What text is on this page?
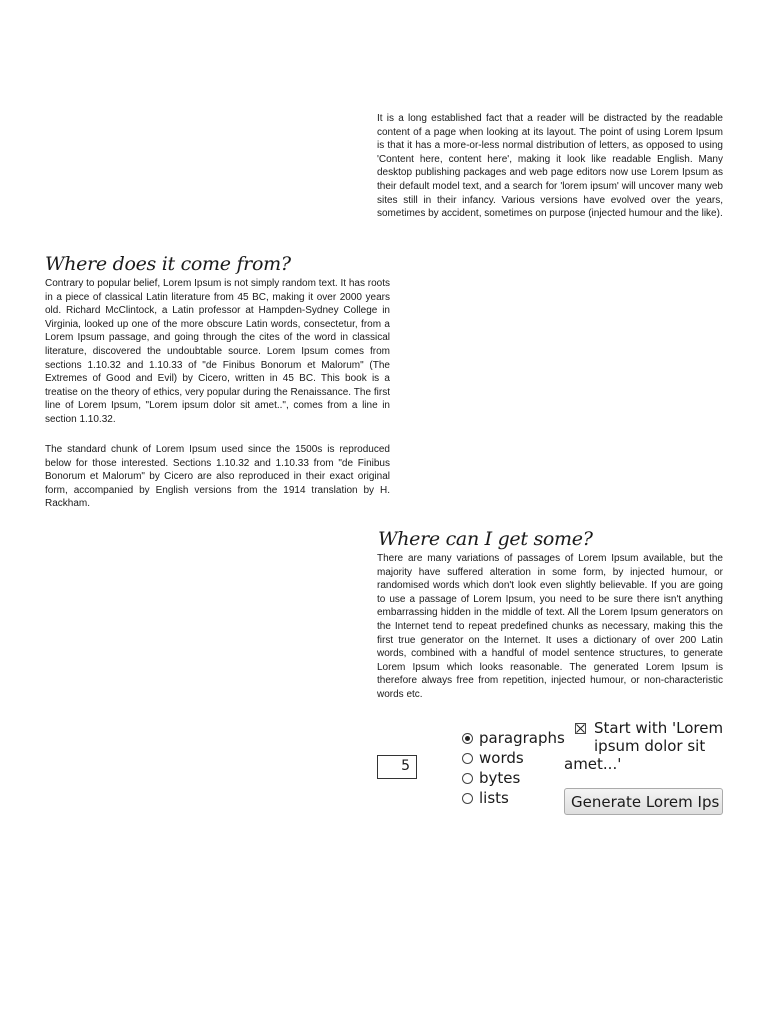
It is a long established fact that a reader will be distracted by the readable content of a page when looking at its layout. The point of using Lorem Ipsum is that it has a more-or-less normal distribution of letters, as opposed to using 'Content here, content here', making it look like readable English. Many desktop publishing packages and web page editors now use Lorem Ipsum as their default model text, and a search for 'lorem ipsum' will uncover many web sites still in their infancy. Various versions have evolved over the years, sometimes by accident, sometimes on purpose (injected humour and the like).

Where does it come from?

Contrary to popular belief, Lorem Ipsum is not simply random text. It has roots in a piece of classical Latin literature from 45 BC, making it over 2000 years old. Richard McClintock, a Latin professor at Hampden-Sydney College in Virginia, looked up one of the more obscure Latin words, consectetur, from a Lorem Ipsum passage, and going through the cites of the word in classical literature, discovered the undoubtable source. Lorem Ipsum comes from sections 1.10.32 and 1.10.33 of "de Finibus Bonorum et Malorum" (The Extremes of Good and Evil) by Cicero, written in 45 BC. This book is a treatise on the theory of ethics, very popular during the Renaissance. The first line of Lorem Ipsum, "Lorem ipsum dolor sit amet..", comes from a line in section 1.10.32.

The standard chunk of Lorem Ipsum used since the 1500s is reproduced below for those interested. Sections 1.10.32 and 1.10.33 from "de Finibus Bonorum et Malorum" by Cicero are also reproduced in their exact original form, accompanied by English versions from the 1914 translation by H. Rackham.

Where can I get some?

There are many variations of passages of Lorem Ipsum available, but the majority have suffered alteration in some form, by injected humour, or randomised words which don't look even slightly believable. If you are going to use a passage of Lorem Ipsum, you need to be sure there isn't anything embarrassing hidden in the middle of text. All the Lorem Ipsum generators on the Internet tend to repeat predefined chunks as necessary, making this the first true generator on the Internet. It uses a dictionary of over 200 Latin words, combined with a handful of model sentence structures, to generate Lorem Ipsum which looks reasonable. The generated Lorem Ipsum is therefore always free from repetition, injected humour, or non-characteristic words etc.

5
paragraphs
words
bytes
lists
Start with 'Lorem
ipsum dolor sit
amet...'
Generate Lorem Ips
